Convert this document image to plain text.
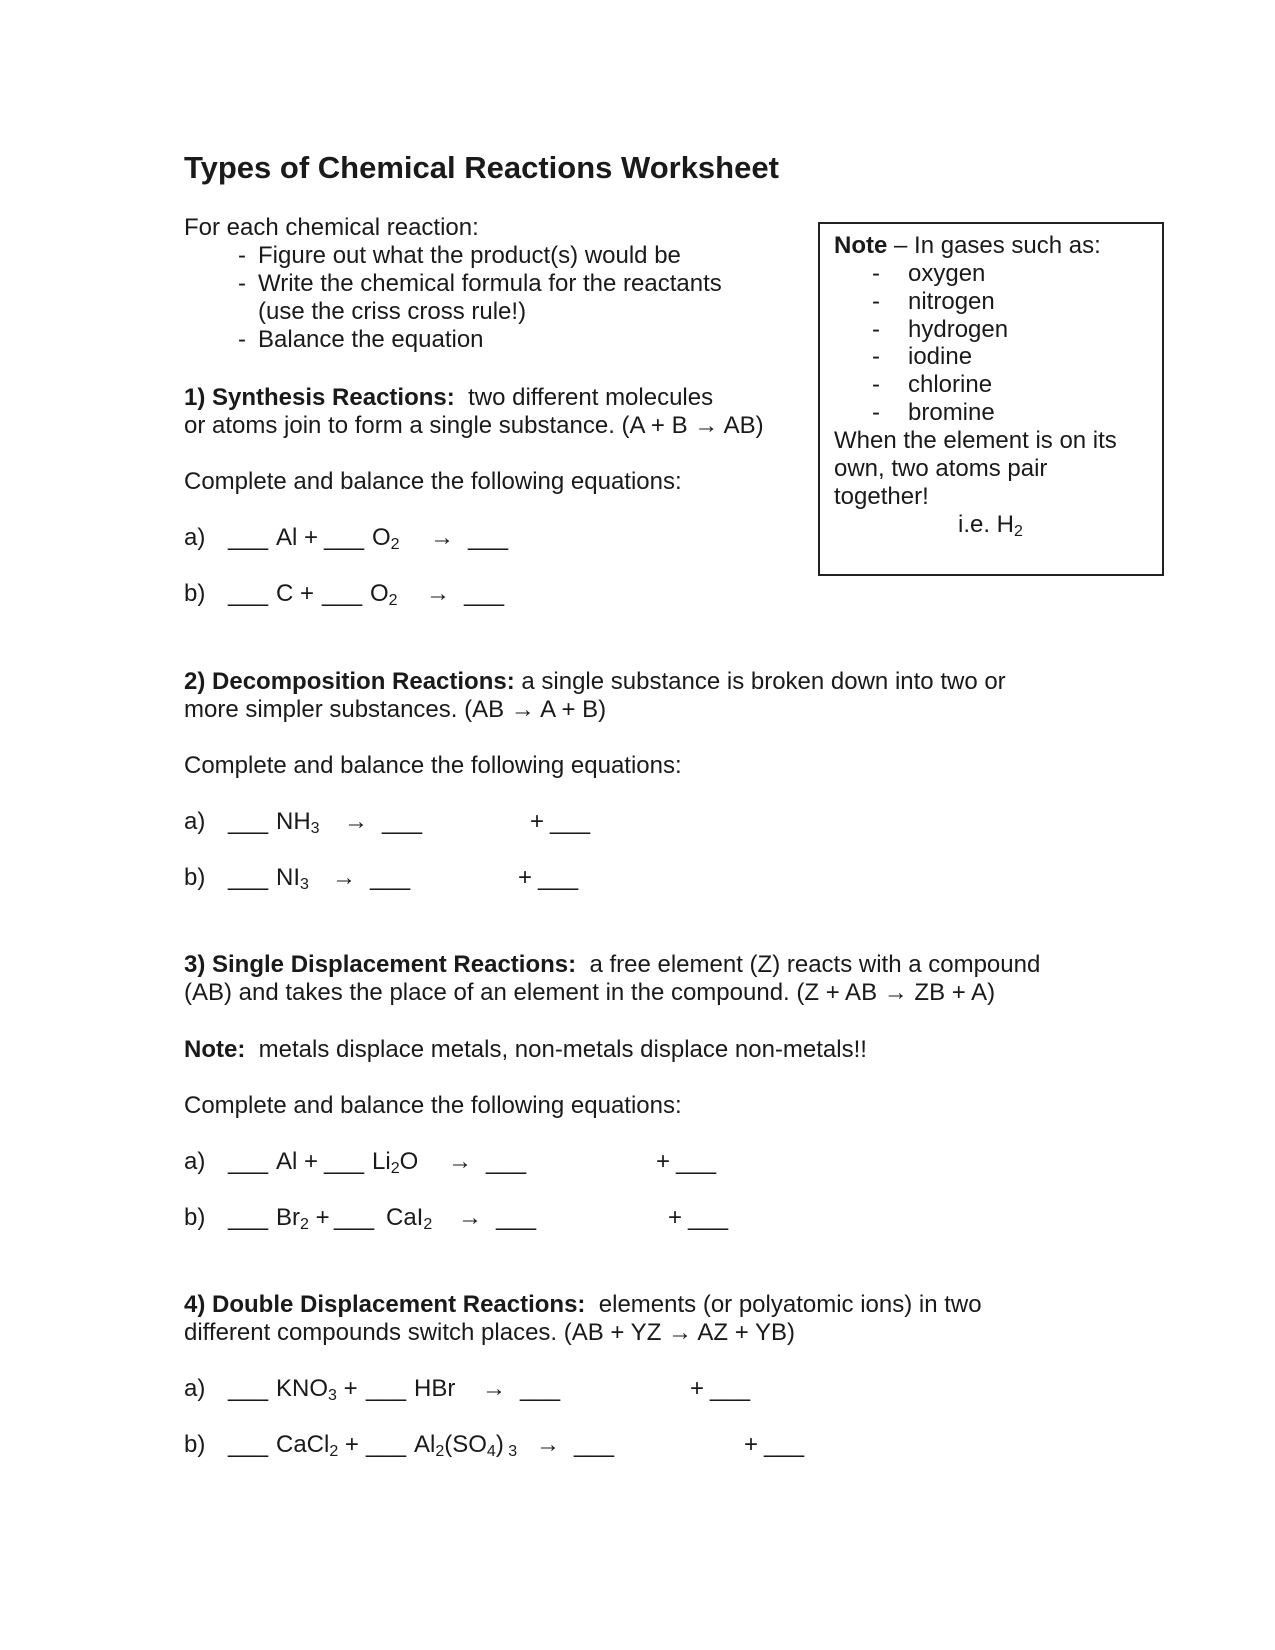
Types of Chemical Reactions Worksheet
For each chemical reaction:
- Figure out what the product(s) would be
- Write the chemical formula for the reactants
(use the criss cross rule!)
- Balance the equation
Note – In gases such as:
- oxygen
- nitrogen
- hydrogen
- iodine
- chlorine
- bromine
When the element is on its
own, two atoms pair
together!
i.e. $H_2$
1) Synthesis Reactions: two different molecules
or atoms join to form a single substance. (A + B → AB)
Complete and balance the following equations:
a) ___ Al + ___ $O_2$ → ___
b) ___ C + ___ $O_2$ → ___
2) Decomposition Reactions: a single substance is broken down into two or
more simpler substances. (AB → A + B)
Complete and balance the following equations:
a) ___ $NH_3$ → ___	+ ___
b) ___ $NI_3$ → ___	+ ___
3) Single Displacement Reactions: a free element (Z) reacts with a compound
(AB) and takes the place of an element in the compound. (Z + AB → ZB + A)
Note: metals displace metals, non-metals displace non-metals!!
Complete and balance the following equations:
a) ___ Al + ___ $Li_2O$ → ___	+ ___
b) ___ $Br_2$ + ___ CaI$_2$ → ___	+ ___
4) Double Displacement Reactions: elements (or polyatomic ions) in two
different compounds switch places. (AB + YZ → AZ + YB)
a) ___ $KNO_3$ + ___ HBr → ___	+ ___
b) ___ CaCl$_2$ + ___ $Al_2(SO_4) _3$ → ___	+ ___
